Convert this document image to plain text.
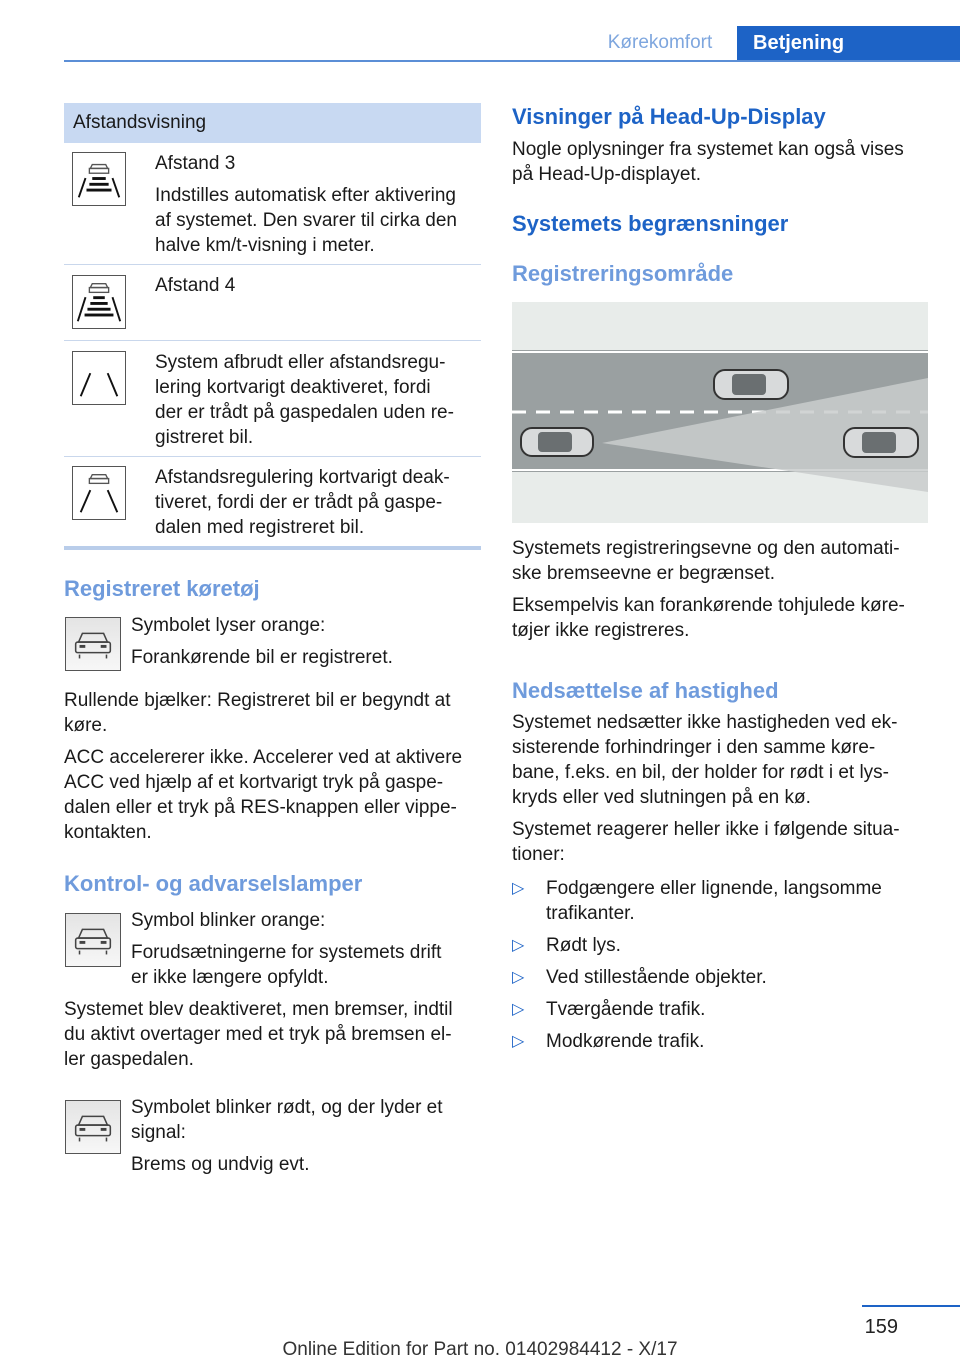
Kørekomfort	Betjening
Afstandsvisning
Afstand 3
Indstilles automatisk efter aktivering
af systemet. Den svarer til cirka den
halve km/t-visning i meter.
Afstand 4
System afbrudt eller afstandsregu-
lering kortvarigt deaktiveret, fordi
der er trådt på gaspedalen uden re-
gistreret bil.
Afstandsregulering kortvarigt deak-
tiveret, fordi der er trådt på gaspe-
dalen med registreret bil.
Registreret køretøj
Symbolet lyser orange:
Forankørende bil er registreret.
Rullende bjælker: Registreret bil er begyndt at
køre.
ACC accelererer ikke. Accelerer ved at aktivere
ACC ved hjælp af et kortvarigt tryk på gaspe-
dalen eller et tryk på RES-knappen eller vippe-
kontakten.
Kontrol- og advarselslamper
Symbol blinker orange:
Forudsætningerne for systemets drift
er ikke længere opfyldt.
Systemet blev deaktiveret, men bremser, indtil
du aktivt overtager med et tryk på bremsen el-
ler gaspedalen.
Symbolet blinker rødt, og der lyder et
signal:
Brems og undvig evt.
Visninger på Head-Up-Display
Nogle oplysninger fra systemet kan også vises
på Head-Up-displayet.
Systemets begrænsninger
Registreringsområde
Systemets registreringsevne og den automati-
ske bremseevne er begrænset.
Eksempelvis kan forankørende tohjulede køre-
tøjer ikke registreres.
Nedsættelse af hastighed
Systemet nedsætter ikke hastigheden ved ek-
sisterende forhindringer i den samme køre-
bane, f.eks. en bil, der holder for rødt i et lys-
kryds eller ved slutningen på en kø.
Systemet reagerer heller ikke i følgende situa-
tioner:
▷ Fodgængere eller lignende, langsomme
trafikanter.
▷ Rødt lys.
▷ Ved stillestående objekter.
▷ Tværgående trafik.
▷ Modkørende trafik.
159
Online Edition for Part no. 01402984412 - X/17
